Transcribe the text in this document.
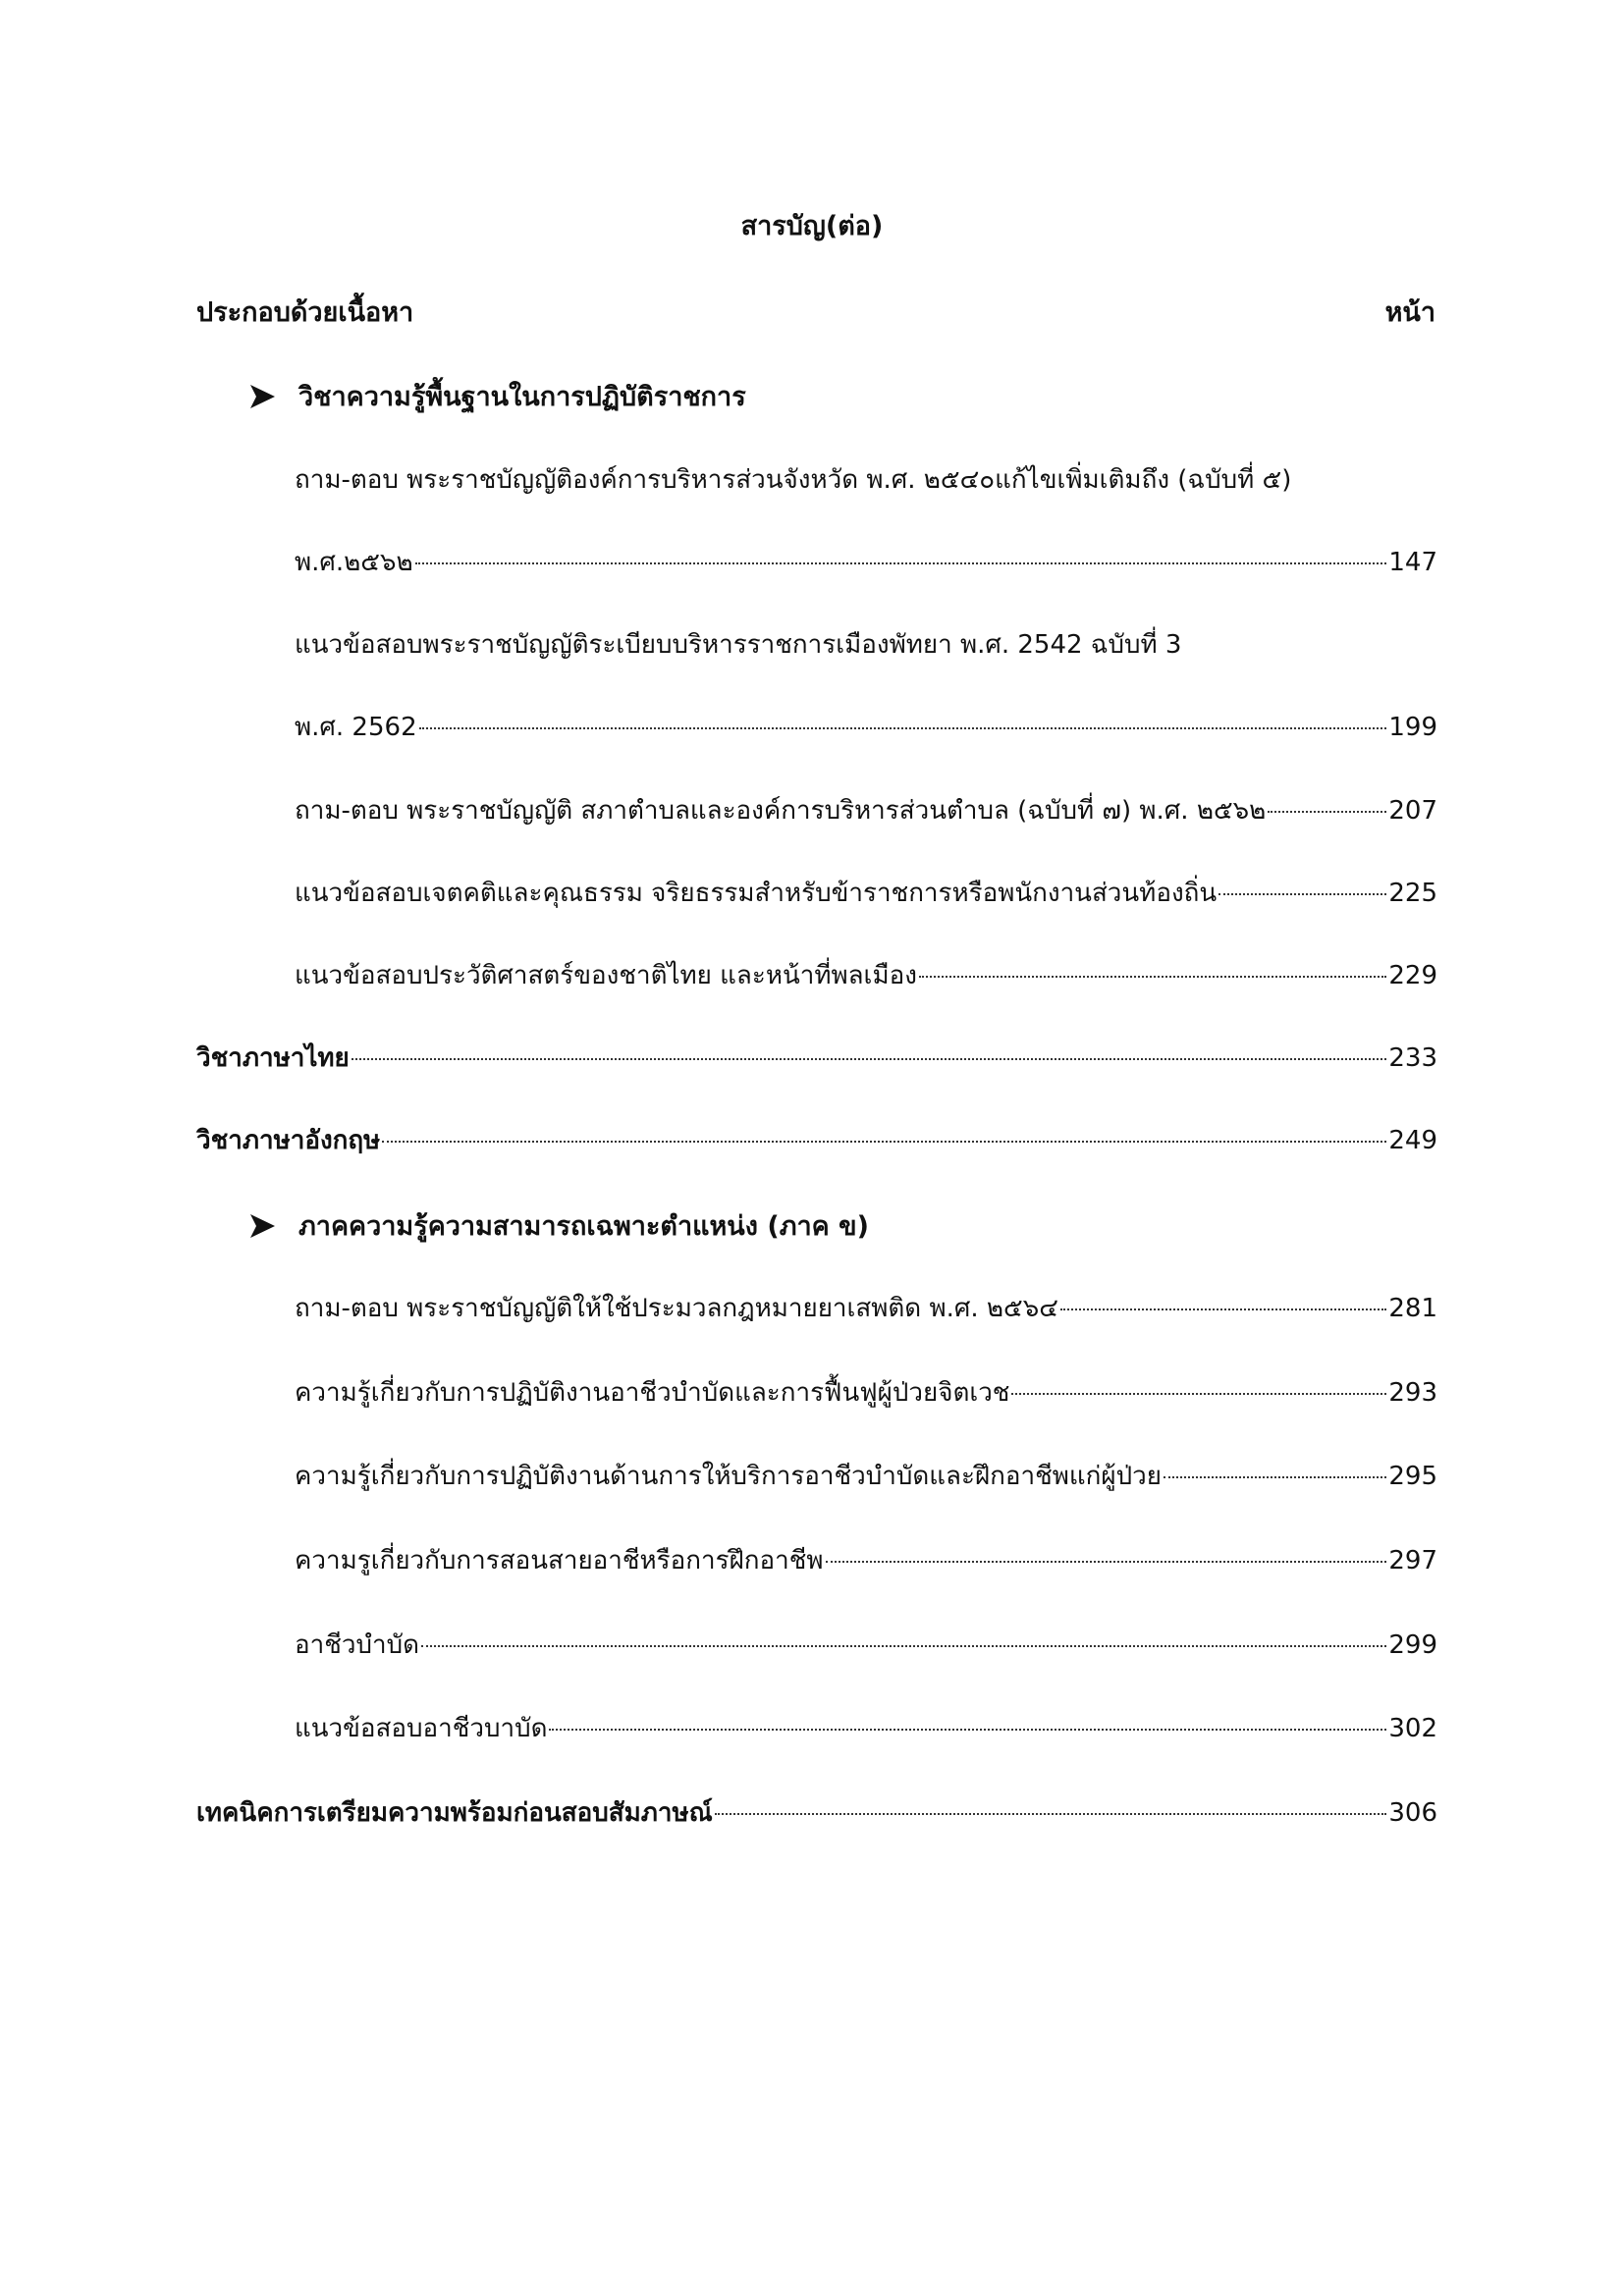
สารบัญ(ต่อ)
ประกอบด้วยเนื้อหา	หน้า
วิชาความรู้พื้นฐานในการปฏิบัติราชการ
ถาม-ตอบ พระราชบัญญัติองค์การบริหารส่วนจังหวัด พ.ศ. ๒๕๔๐แก้ไขเพิ่มเติมถึง (ฉบับที่ ๕)
พ.ศ.๒๕๖๒	147
แนวข้อสอบพระราชบัญญัติระเบียบบริหารราชการเมืองพัทยา พ.ศ. 2542 ฉบับที่ 3
พ.ศ. 2562	199
ถาม-ตอบ พระราชบัญญัติ สภาตำบลและองค์การบริหารส่วนตำบล (ฉบับที่ ๗) พ.ศ. ๒๕๖๒	207
แนวข้อสอบเจตคติและคุณธรรม จริยธรรมสำหรับข้าราชการหรือพนักงานส่วนท้องถิ่น	225
แนวข้อสอบประวัติศาสตร์ของชาติไทย และหน้าที่พลเมือง	229
วิชาภาษาไทย	233
วิชาภาษาอังกฤษ	249
ภาคความรู้ความสามารถเฉพาะตำแหน่ง (ภาค ข)
ถาม-ตอบ พระราชบัญญัติให้ใช้ประมวลกฎหมายยาเสพติด พ.ศ. ๒๕๖๔	281
ความรู้เกี่ยวกับการปฏิบัติงานอาชีวบำบัดและการฟื้นฟูผู้ป่วยจิตเวช	293
ความรู้เกี่ยวกับการปฏิบัติงานด้านการให้บริการอาชีวบำบัดและฝึกอาชีพแก่ผู้ป่วย	295
ความรูเกี่ยวกับการสอนสายอาชีหรือการฝึกอาชีพ	297
อาชีวบำบัด	299
แนวข้อสอบอาชีวบาบัด	302
เทคนิคการเตรียมความพร้อมก่อนสอบสัมภาษณ์	306
